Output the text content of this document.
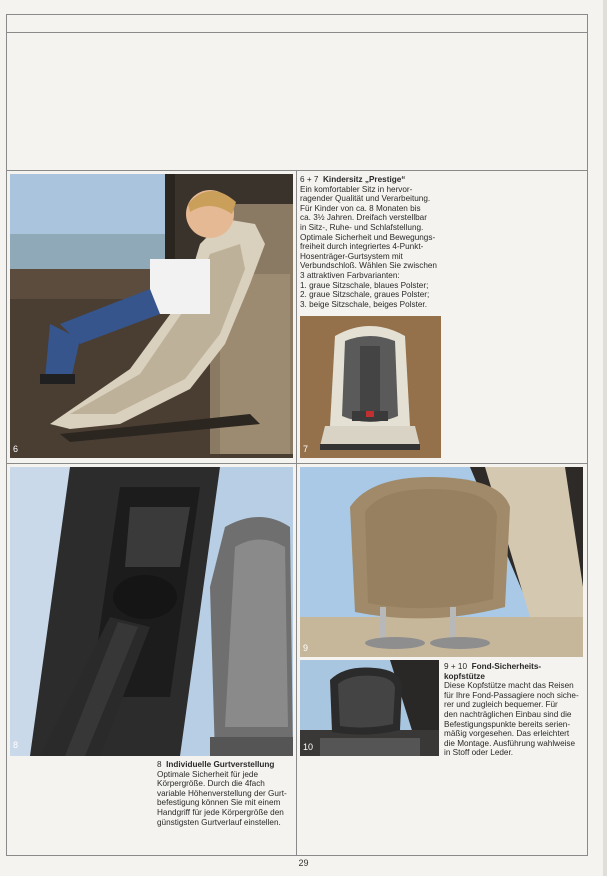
6

6 + 7 Kindersitz „Prestige“

Ein komfortabler Sitz in hervor-

ragender Qualität und Verarbeitung.

Für Kinder von ca. 8 Monaten bis

ca. 3½ Jahren. Dreifach verstellbar

in Sitz-, Ruhe- und Schlafstellung.

Optimale Sicherheit und Bewegungs-

freiheit durch integriertes 4-Punkt-

Hosenträger-Gurtsystem mit

Verbundschloß. Wählen Sie zwischen

3 attraktiven Farbvarianten:

1. graue Sitzschale, blaues Polster;

2. graue Sitzschale, graues Polster;

3. beige Sitzschale, beiges Polster.

7
8

8 Individuelle Gurtverstellung

Optimale Sicherheit für jede

Körpergröße. Durch die 4fach

variable Höhenverstellung der Gurt-

befestigung können Sie mit einem

Handgriff für jede Körpergröße den

günstigsten Gurtverlauf einstellen.

9
10

9 + 10 Fond-Sicherheits-

kopfstütze

Diese Kopfstütze macht das Reisen

für Ihre Fond-Passagiere noch siche-

rer und zugleich bequemer. Für

den nachträglichen Einbau sind die

Befestigungspunkte bereits serien-

mäßig vorgesehen. Das erleichtert

die Montage. Ausführung wahlweise

in Stoff oder Leder.

29
